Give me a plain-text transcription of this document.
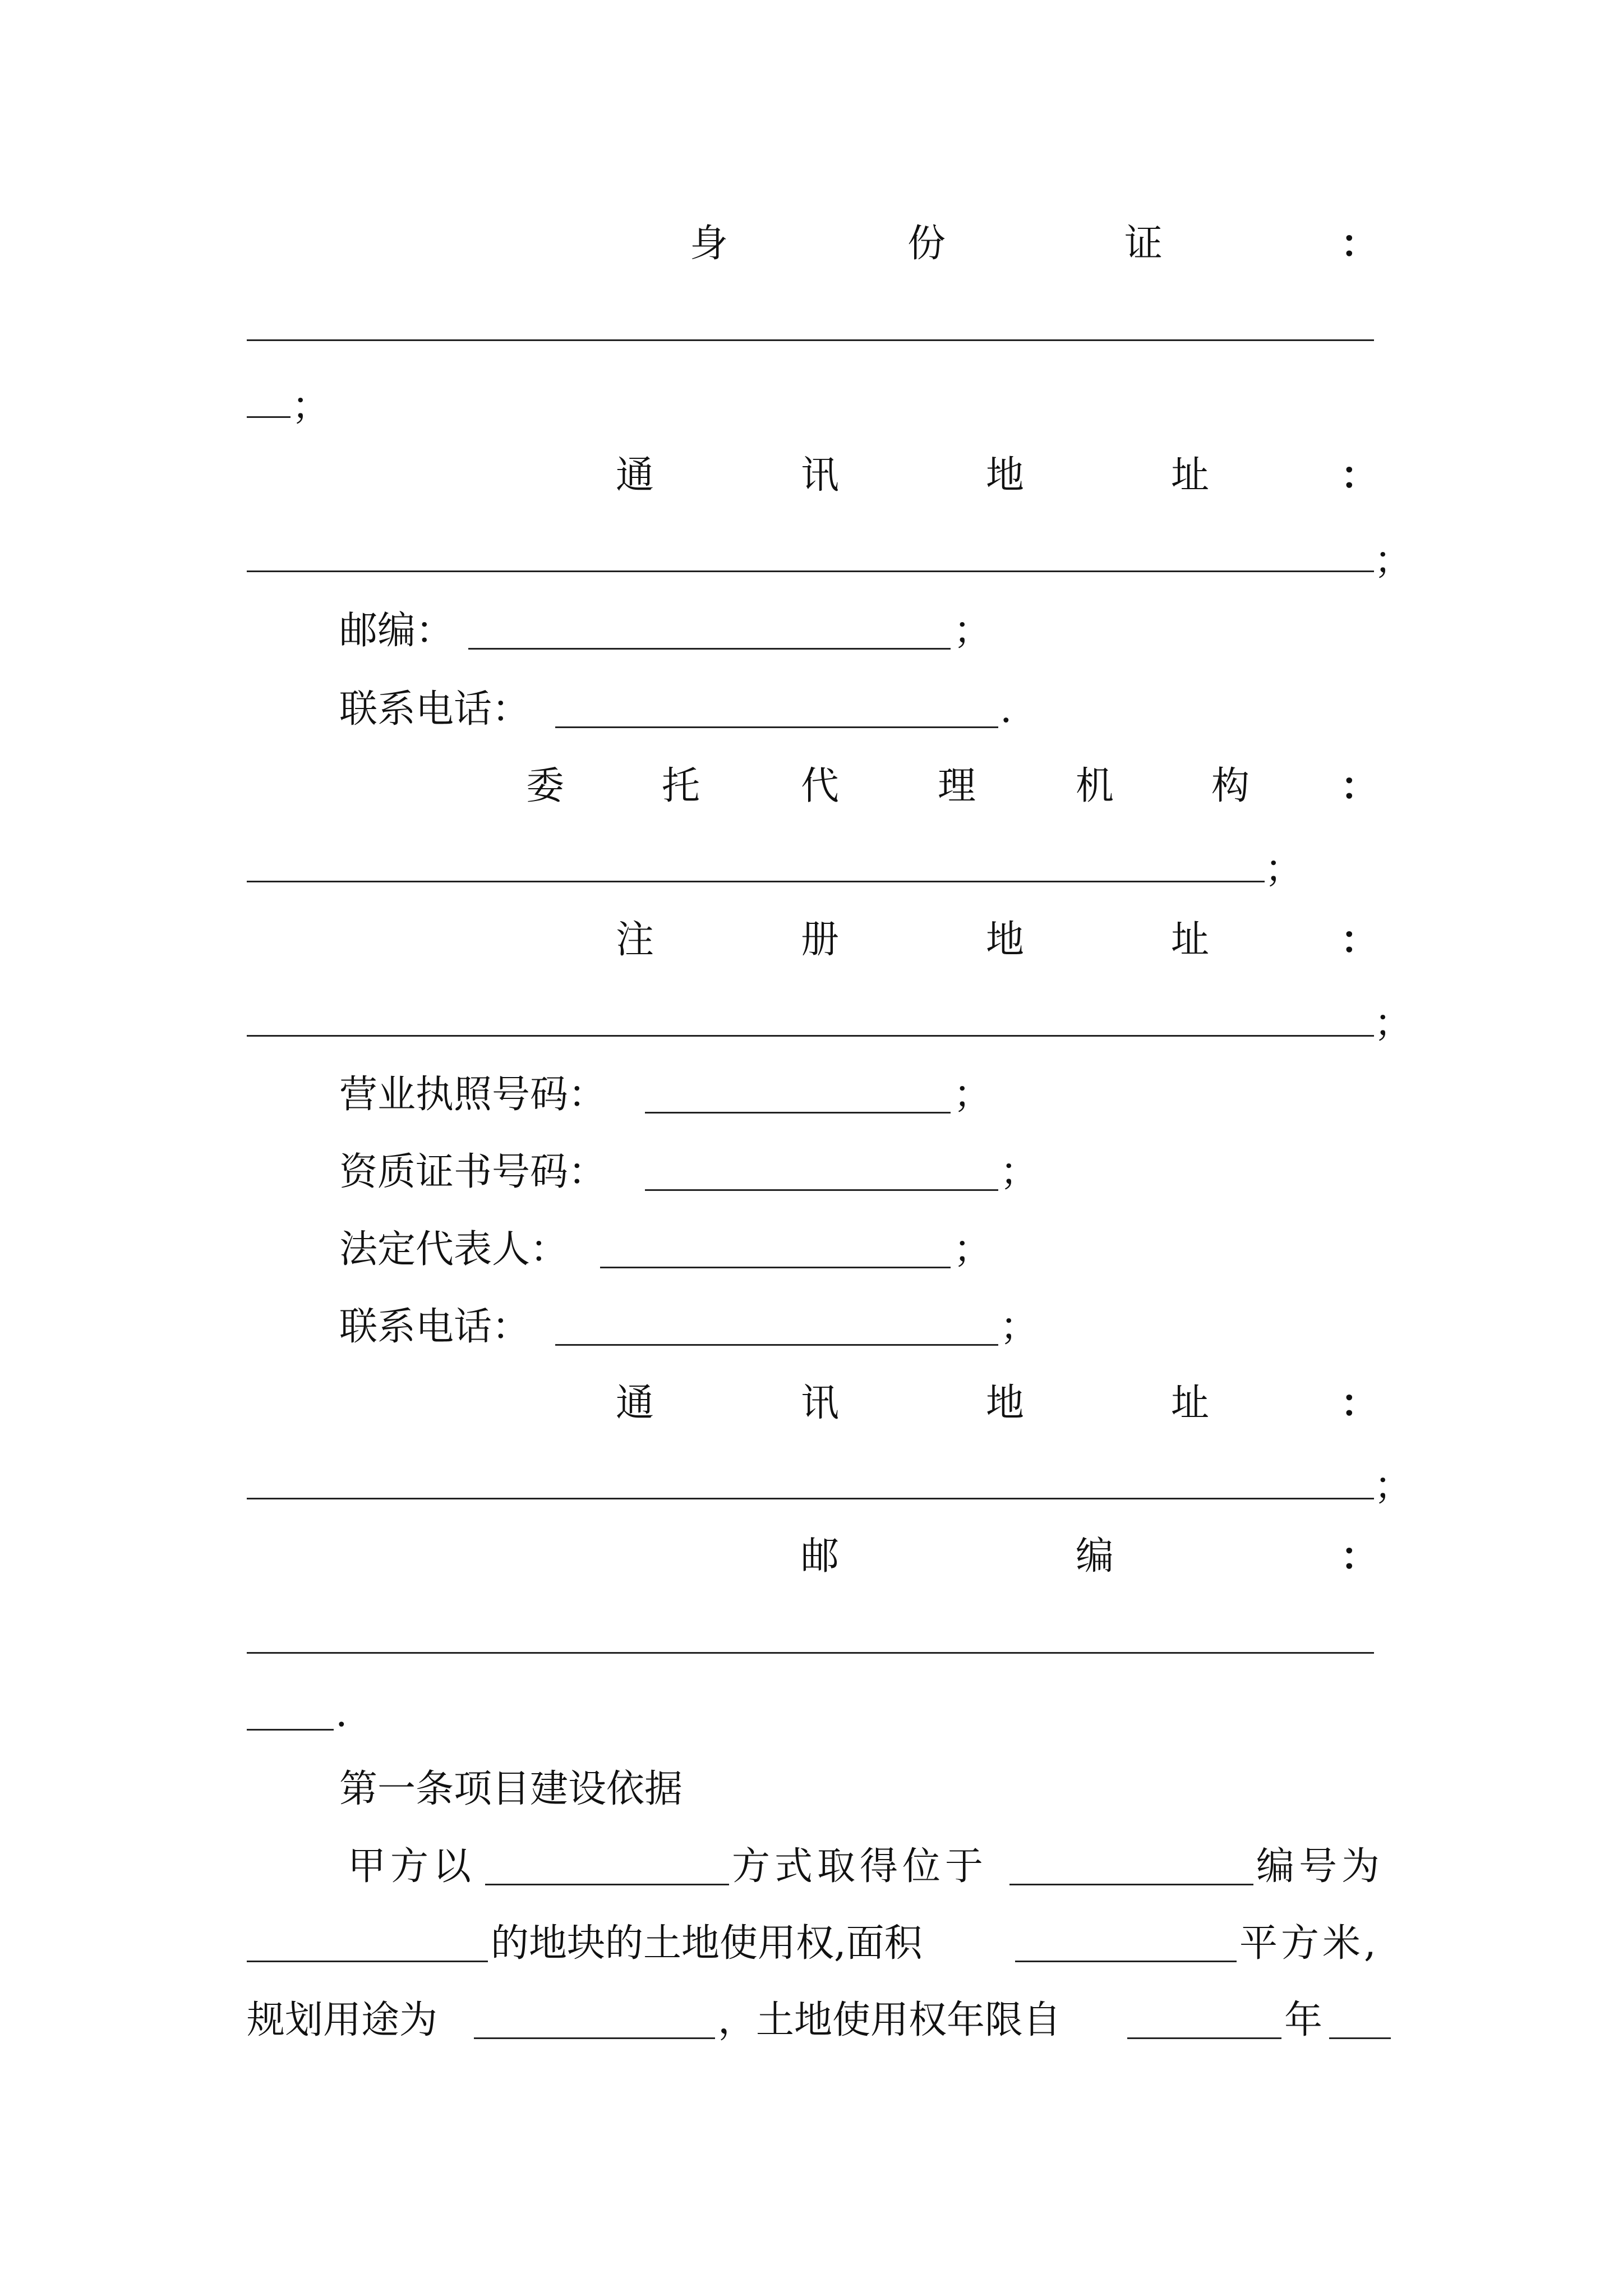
身	份	证	：
；
通	讯	地	址	：
；
邮编：	；
联系电话：	.
委	托	代	理	机	构 ：
；
注	册	地	址	：
；
营业执照号码：	；
资质证书号码：	；
法定代表人：	；
联系电话：	；
通	讯	地	址	：
；
邮	编	：
.
第一条项目建设依据
甲方以	方式取得位于	编号为
的地块的土地使用权,面积	平方米,
规划用途为	，土地使用权年限自	年
